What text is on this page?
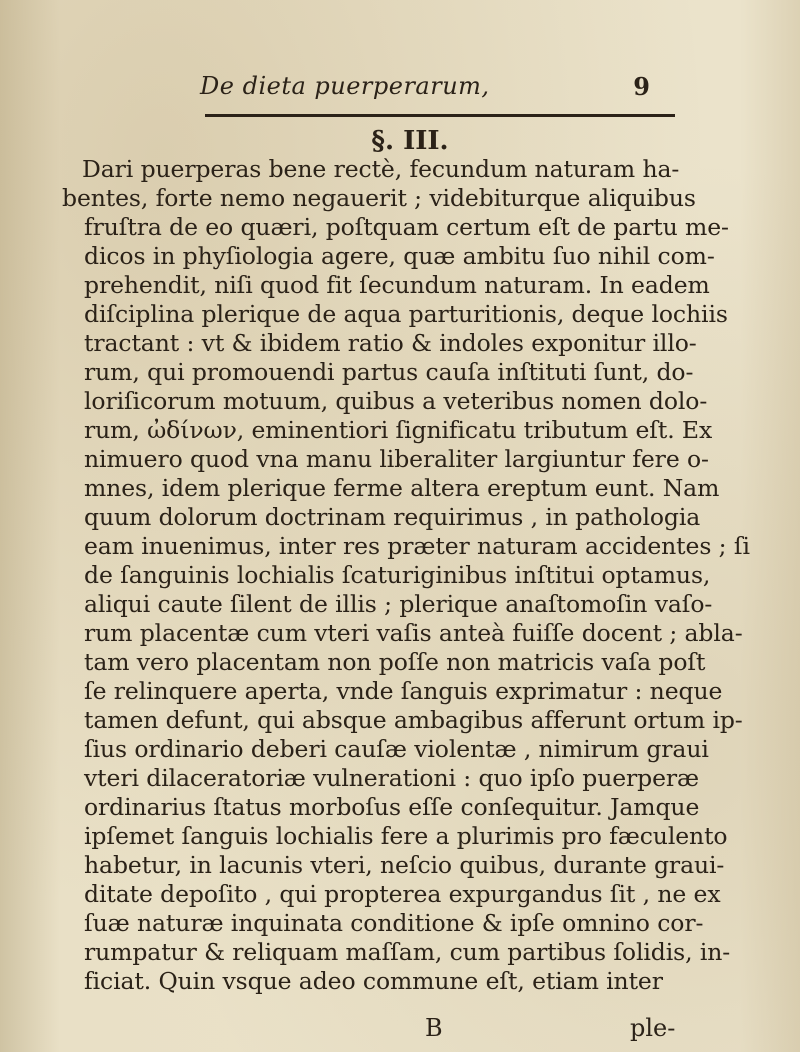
De dieta puerperarum,	9
§. III.
Dari puerperas bene rectè, fecundum naturam ha-
bentes, forte nemo negauerit ; videbiturque aliquibus
fruſtra de eo quæri, poſtquam certum eſt de partu me-
dicos in phyſiologia agere, quæ ambitu ſuo nihil com-
prehendit, niſi quod fit ſecundum naturam. In eadem
diſciplina plerique de aqua parturitionis, deque lochiis
tractant : vt & ibidem ratio & indoles exponitur illo-
rum, qui promouendi partus cauſa inſtituti ſunt, do-
loriſicorum motuum, quibus a veteribus nomen dolo-
rum, ὠδίνων, eminentiori ſignificatu tributum eſt. Ex
nimuero quod vna manu liberaliter largiuntur fere o-
mnes, idem plerique ferme altera ereptum eunt. Nam
quum dolorum doctrinam requirimus , in pathologia
eam inuenimus, inter res præter naturam accidentes ; ſi
de ſanguinis lochialis ſcaturiginibus inſtitui optamus,
aliqui caute ſilent de illis ; plerique anaſtomoſin vaſo-
rum placentæ cum vteri vaſis anteà fuiſſe docent ; abla-
tam vero placentam non poſſe non matricis vaſa poſt
ſe relinquere aperta, vnde ſanguis exprimatur : neque
tamen defunt, qui absque ambagibus afferunt ortum ip-
ſius ordinario deberi cauſæ violentæ , nimirum graui
vteri dilaceratoriæ vulnerationi : quo ipſo puerperæ
ordinarius ſtatus morboſus eſſe conſequitur. Jamque
ipſemet ſanguis lochialis fere a plurimis pro fæculento
habetur, in lacunis vteri, neſcio quibus, durante graui-
ditate depoſito , qui propterea expurgandus ſit , ne ex
ſuæ naturæ inquinata conditione & ipſe omnino cor-
rumpatur & reliquam maſſam, cum partibus ſolidis, in-
ficiat. Quin vsque adeo commune eſt, etiam inter
B	ple-
